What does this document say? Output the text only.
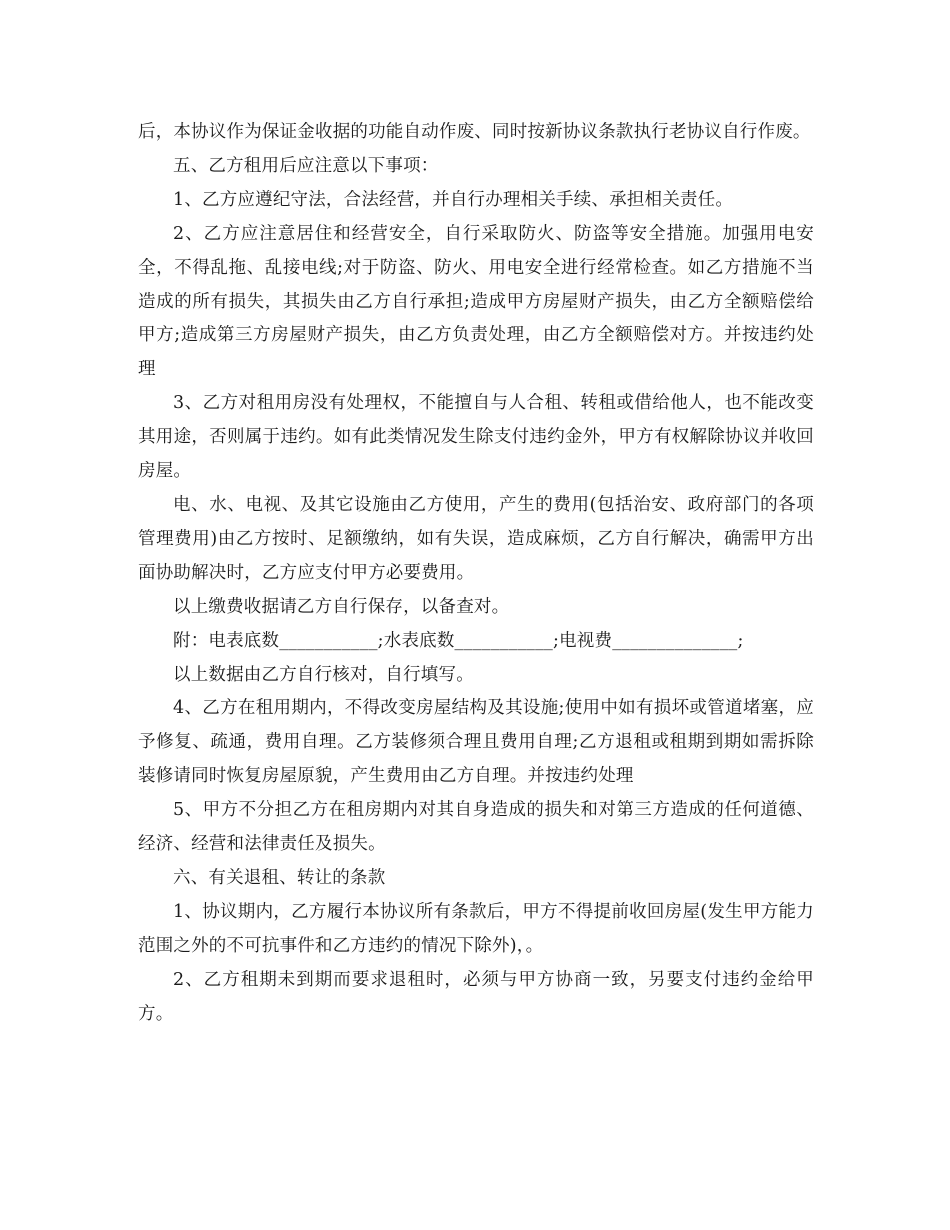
后，本协议作为保证金收据的功能自动作废、同时按新协议条款执行老协议自行作废。

五、乙方租用后应注意以下事项：

1、乙方应遵纪守法，合法经营，并自行办理相关手续、承担相关责任。

2、乙方应注意居住和经营安全，自行采取防火、防盗等安全措施。加强用电安全，不得乱拖、乱接电线;对于防盗、防火、用电安全进行经常检查。如乙方措施不当造成的所有损失，其损失由乙方自行承担;造成甲方房屋财产损失，由乙方全额赔偿给甲方;造成第三方房屋财产损失，由乙方负责处理，由乙方全额赔偿对方。并按违约处理

3、乙方对租用房没有处理权，不能擅自与人合租、转租或借给他人，也不能改变其用途，否则属于违约。如有此类情况发生除支付违约金外，甲方有权解除协议并收回房屋。

电、水、电视、及其它设施由乙方使用，产生的费用(包括治安、政府部门的各项管理费用)由乙方按时、足额缴纳，如有失误，造成麻烦，乙方自行解决，确需甲方出面协助解决时，乙方应支付甲方必要费用。

以上缴费收据请乙方自行保存，以备查对。

附：电表底数___________;水表底数___________;电视费______________;

以上数据由乙方自行核对，自行填写。

4、乙方在租用期内，不得改变房屋结构及其设施;使用中如有损坏或管道堵塞，应予修复、疏通，费用自理。乙方装修须合理且费用自理;乙方退租或租期到期如需拆除装修请同时恢复房屋原貌，产生费用由乙方自理。并按违约处理

5、甲方不分担乙方在租房期内对其自身造成的损失和对第三方造成的任何道德、经济、经营和法律责任及损失。

六、有关退租、转让的条款

1、协议期内，乙方履行本协议所有条款后，甲方不得提前收回房屋(发生甲方能力范围之外的不可抗事件和乙方违约的情况下除外)，。

2、乙方租期未到期而要求退租时，必须与甲方协商一致，另要支付违约金给甲方。
